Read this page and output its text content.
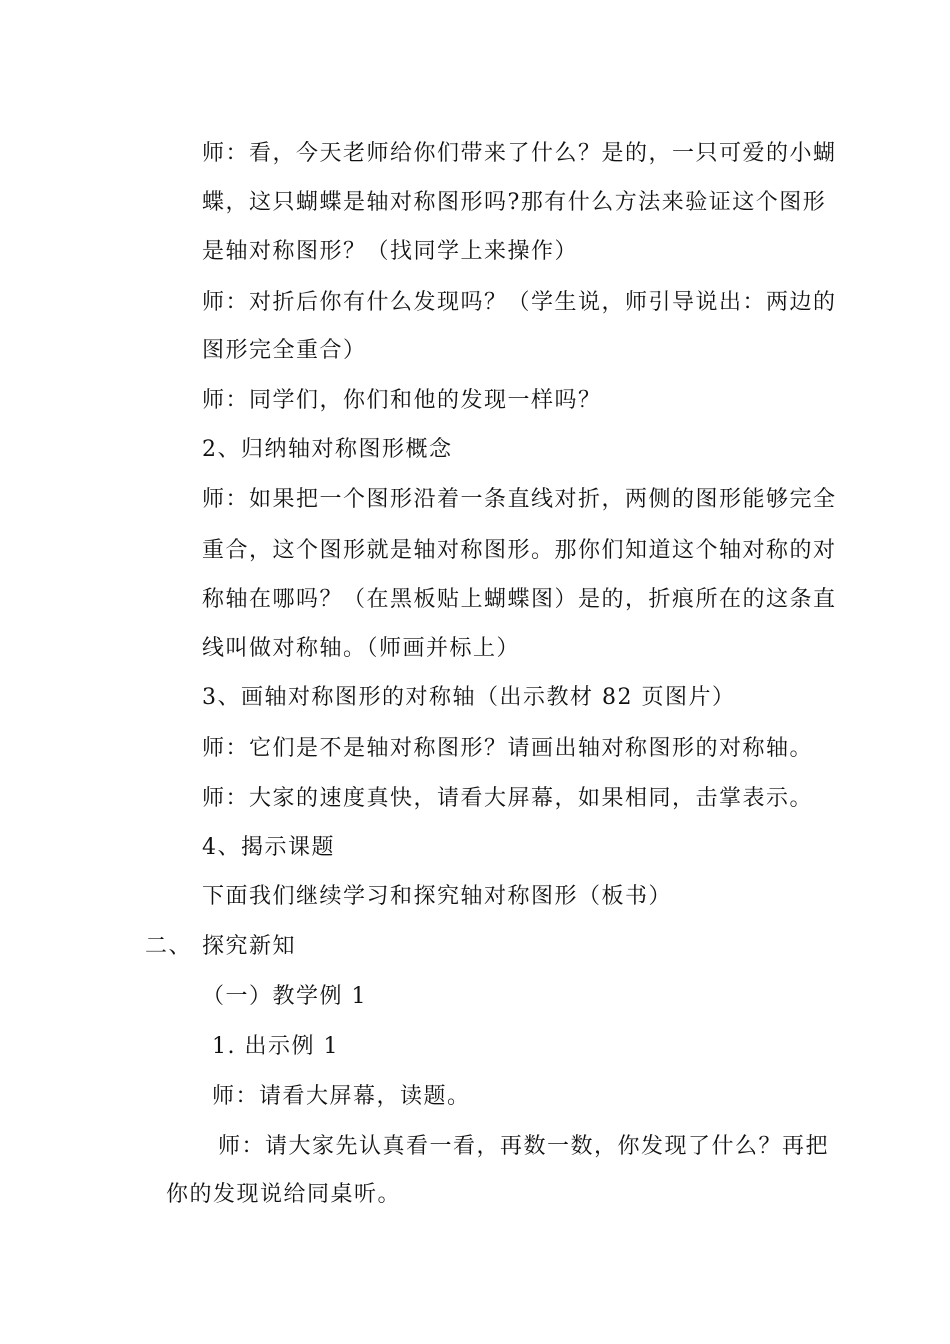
师：看，今天老师给你们带来了什么？是的，一只可爱的小蝴
蝶，这只蝴蝶是轴对称图形吗?那有什么方法来验证这个图形
是轴对称图形？（找同学上来操作）
师：对折后你有什么发现吗？（学生说，师引导说出：两边的
图形完全重合）
师：同学们，你们和他的发现一样吗？
2、归纳轴对称图形概念
师：如果把一个图形沿着一条直线对折，两侧的图形能够完全
重合，这个图形就是轴对称图形。那你们知道这个轴对称的对
称轴在哪吗？（在黑板贴上蝴蝶图）是的，折痕所在的这条直
线叫做对称轴。（师画并标上）
3、画轴对称图形的对称轴（出示教材 82 页图片）
师：它们是不是轴对称图形？请画出轴对称图形的对称轴。
师：大家的速度真快，请看大屏幕，如果相同，击掌表示。
4、揭示课题
下面我们继续学习和探究轴对称图形（板书）
二、 探究新知
（一）教学例 1
1. 出示例 1
师：请看大屏幕，读题。
师：请大家先认真看一看，再数一数，你发现了什么？再把
你的发现说给同桌听。
